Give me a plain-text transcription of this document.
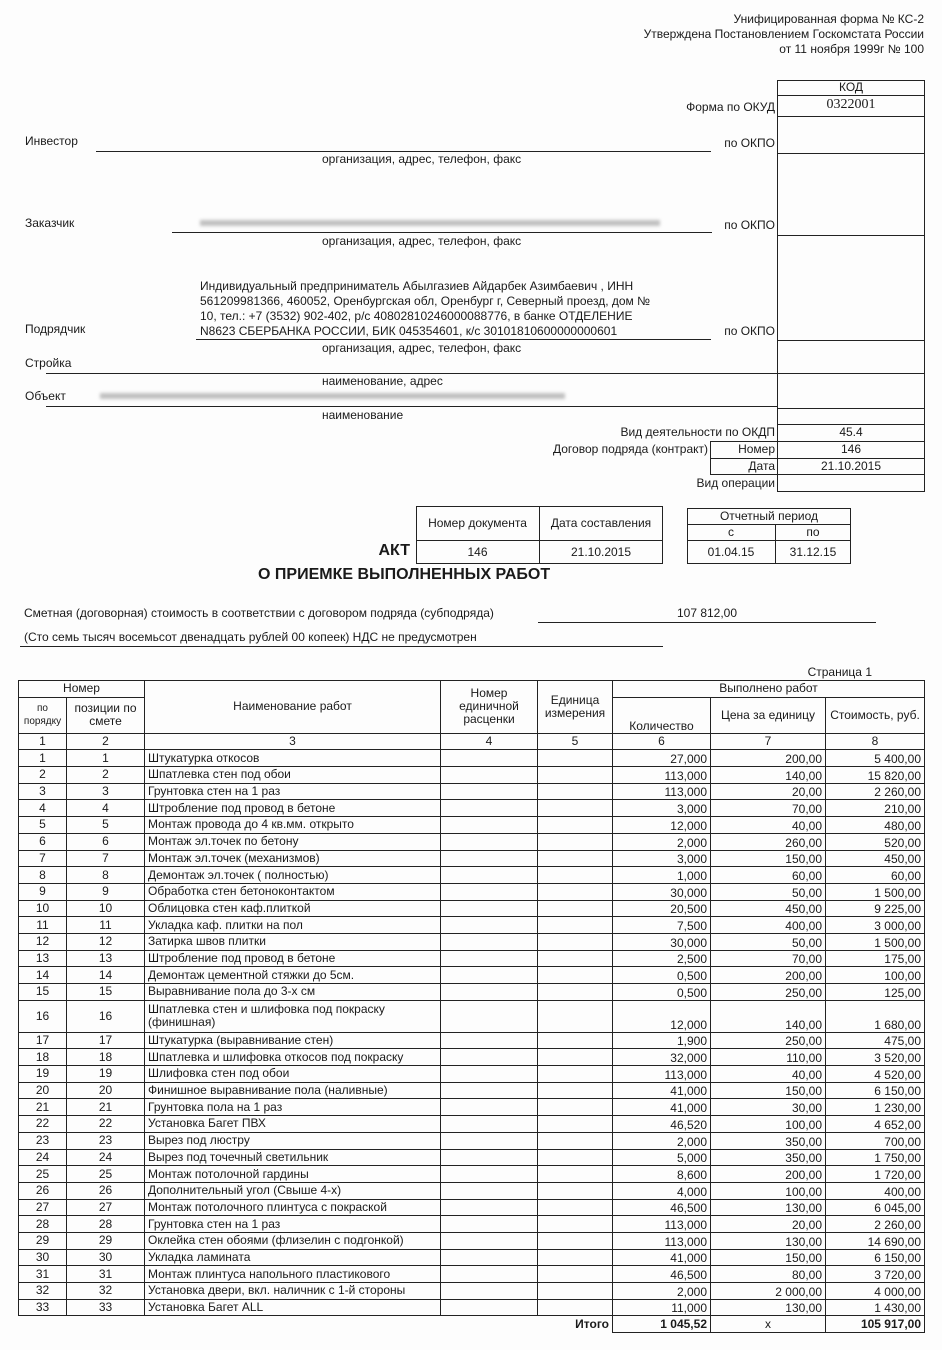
Унифицированная форма № КС-2
Утверждена Постановлением Госкомстата России
от 11 ноября 1999г № 100
КОД
0322001
Форма по ОКУД
по ОКПО
по ОКПО
по ОКПО
Вид деятельности по ОКДП	45.4
Договор подряда (контракт)	Номер	146
Дата	21.10.2015
Вид операции
Инвестор
организация, адрес, телефон, факс
Заказчик
организация, адрес, телефон, факс
Индивидуальный предприниматель Абылгазиев Айдарбек Азимбаевич , ИНН
561209981366, 460052, Оренбургская обл, Оренбург г, Северный проезд, дом №
10, тел.: +7 (3532) 902-402, р/с 40802810246000088776, в банке ОТДЕЛЕНИЕ
N8623 СБЕРБАНКА РОССИИ, БИК 045354601, к/с 30101810600000000601
Подрядчик
организация, адрес, телефон, факс
Стройка
наименование, адрес
Объект
наименование
Номер документа	Дата составления
146	21.10.2015
Отчетный период
с	по
01.04.15	31.12.15
АКТ
О ПРИЕМКЕ ВЫПОЛНЕННЫХ РАБОТ
Сметная (договорная) стоимость в соответствии с договором подряда (субподряда)	107 812,00
(Сто семь тысяч восемьсот двенадцать рублей 00 копеек) НДС не предусмотрен
Страница 1
Номер		Наименование работ	Номер единичной расценки	Единица измерения	Выполнено работ		
по порядку	позиции по смете				Количество	Цена за единицу	Стоимость, руб.
1	2	3	4	5	6	7	8
1	1	Штукатурка откосов			27,000	200,00	5 400,00
2	2	Шпатлевка стен под обои			113,000	140,00	15 820,00
3	3	Грунтовка стен на 1 раз			113,000	20,00	2 260,00
4	4	Штробление под провод в бетоне			3,000	70,00	210,00
5	5	Монтаж провода до 4 кв.мм. открыто			12,000	40,00	480,00
6	6	Монтаж эл.точек по бетону			2,000	260,00	520,00
7	7	Монтаж эл.точек (механизмов)			3,000	150,00	450,00
8	8	Демонтаж эл.точек ( полностью)			1,000	60,00	60,00
9	9	Обработка стен бетоноконтактом			30,000	50,00	1 500,00
10	10	Облицовка стен каф.плиткой			20,500	450,00	9 225,00
11	11	Укладка каф. плитки на пол			7,500	400,00	3 000,00
12	12	Затирка швов плитки			30,000	50,00	1 500,00
13	13	Штробление под провод в бетоне			2,500	70,00	175,00
14	14	Демонтаж цементной стяжки до 5см.			0,500	200,00	100,00
15	15	Выравнивание пола до 3-х см			0,500	250,00	125,00
16	16	Шпатлевка стен и шлифовка под покраску (финишная)			12,000	140,00	1 680,00
17	17	Штукатурка (выравнивание стен)			1,900	250,00	475,00
18	18	Шпатлевка и шлифовка откосов под покраску			32,000	110,00	3 520,00
19	19	Шлифовка стен под обои			113,000	40,00	4 520,00
20	20	Финишное выравнивание пола (наливные)			41,000	150,00	6 150,00
21	21	Грунтовка пола на 1 раз			41,000	30,00	1 230,00
22	22	Установка Багет ПВХ			46,520	100,00	4 652,00
23	23	Вырез под люстру			2,000	350,00	700,00
24	24	Вырез под точечный светильник			5,000	350,00	1 750,00
25	25	Монтаж потолочной гардины			8,600	200,00	1 720,00
26	26	Дополнительный угол (Свыше 4-х)			4,000	100,00	400,00
27	27	Монтаж потолочного плинтуса с покраской			46,500	130,00	6 045,00
28	28	Грунтовка стен на 1 раз			113,000	20,00	2 260,00
29	29	Оклейка стен обоями (флизелин с подгонкой)			113,000	130,00	14 690,00
30	30	Укладка ламината			41,000	150,00	6 150,00
31	31	Монтаж плинтуса напольного пластикового			46,500	80,00	3 720,00
32	32	Установка двери, вкл. наличник с 1-й стороны			2,000	2 000,00	4 000,00
33	33	Установка Багет ALL			11,000	130,00	1 430,00
Итого					1 045,52	x	105 917,00
